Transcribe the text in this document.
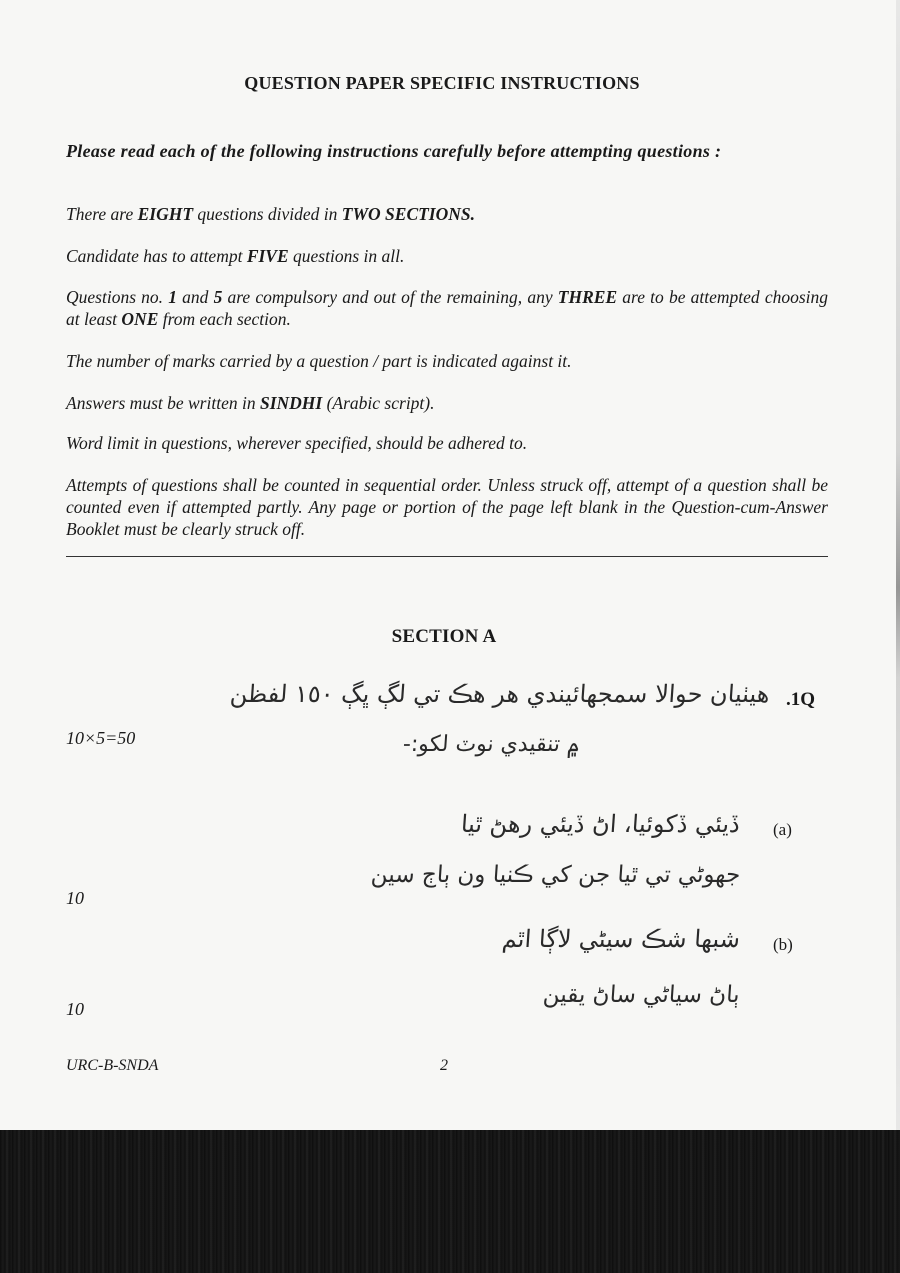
QUESTION PAPER SPECIFIC INSTRUCTIONS
Please read each of the following instructions carefully before attempting questions :
There are EIGHT questions divided in TWO SECTIONS.
Candidate has to attempt FIVE questions in all.
Questions no. 1 and 5 are compulsory and out of the remaining, any THREE are to be attempted choosing at least ONE from each section.
The number of marks carried by a question / part is indicated against it.
Answers must be written in SINDHI (Arabic script).
Word limit in questions, wherever specified, should be adhered to.
Attempts of questions shall be counted in sequential order. Unless struck off, attempt of a question shall be counted even if attempted partly. Any page or portion of the page left blank in the Question-cum-Answer Booklet must be clearly struck off.
SECTION A
.1Q
هيٺيان حوالا سمجھائيندي هر هڪ تي لڳ ڀڳ ١٥٠ لفظن
۾ تنقيدي نوٽ لکو:-
10×5=50
(a)
ڏيئي ڏکوئيا، اڻ ڏيئي رهڻ ٿيا
جهوڻي تي ٿيا جن کي ڪنيا ون ٻاڄ سين
10
(b)
شبھا شڪ سيڻي لاڳا اٿم
ٻاڻ سياڻي ساڻ يقين
10
URC-B-SNDA	2
